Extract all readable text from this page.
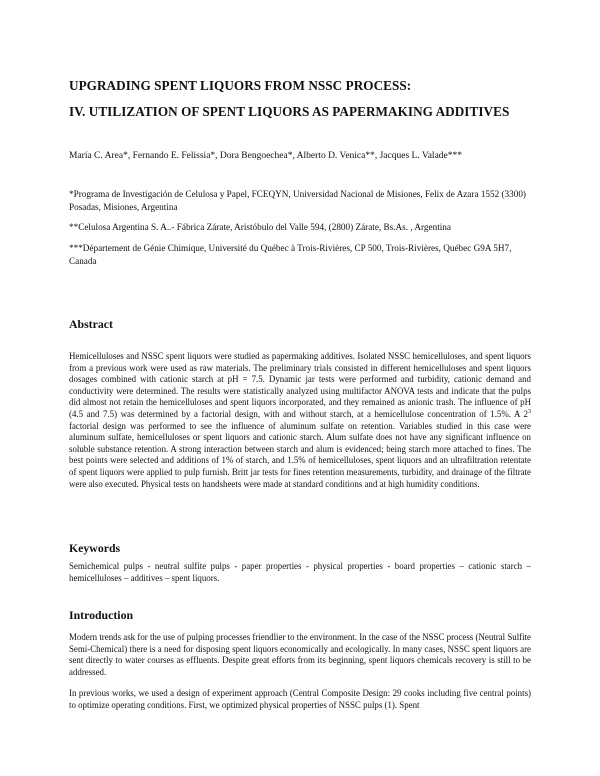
UPGRADING SPENT LIQUORS FROM NSSC PROCESS:
IV. UTILIZATION OF SPENT LIQUORS AS PAPERMAKING ADDITIVES
María C. Area*, Fernando E. Felissia*, Dora Bengoechea*, Alberto D. Venica**, Jacques L. Valade***
*Programa de Investigación de Celulosa y Papel, FCEQYN, Universidad Nacional de Misiones, Felix de Azara 1552 (3300) Posadas, Misiones, Argentina
**Celulosa Argentina S. A..- Fábrica Zárate, Aristóbulo del Valle 594, (2800) Zárate, Bs.As. , Argentina
***Département de Génie Chimique, Université du Québec à Trois-Rivières, CP 500, Trois-Rivières, Québec G9A 5H7, Canada
Abstract

Hemicelluloses and NSSC spent liquors were studied as papermaking additives. Isolated NSSC hemicelluloses, and spent liquors from a previous work were used as raw materials. The preliminary trials consisted in different hemicelluloses and spent liquors dosages combined with cationic starch at pH = 7.5. Dynamic jar tests were performed and turbidity, cationic demand and conductivity were determined. The results were statistically analyzed using multifactor ANOVA tests and indicate that the pulps did almost not retain the hemicelluloses and spent liquors incorporated, and they remained as anionic trash. The influence of pH (4.5 and 7.5) was determined by a factorial design, with and without starch, at a hemicellulose concentration of 1.5%. A $2^3$ factorial design was performed to see the influence of aluminum sulfate on retention. Variables studied in this case were aluminum sulfate, hemicelluloses or spent liquors and cationic starch. Alum sulfate does not have any significant influence on soluble substance retention. A strong interaction between starch and alum is evidenced; being starch more attached to fines. The best points were selected and additions of 1% of starch, and 1.5% of hemicelluloses, spent liquors and an ultrafiltration retentate of spent liquors were applied to pulp furnish. Britt jar tests for fines retention measurements, turbidity, and drainage of the filtrate were also executed. Physical tests on handsheets were made at standard conditions and at high humidity conditions.

Keywords

Semichemical pulps - neutral sulfite pulps - paper properties - physical properties - board properties – cationic starch – hemicelluloses – additives – spent liquors.

Introduction

Modern trends ask for the use of pulping processes friendlier to the environment. In the case of the NSSC process (Neutral Sulfite Semi-Chemical) there is a need for disposing spent liquors economically and ecologically. In many cases, NSSC spent liquors are sent directly to water courses as effluents. Despite great efforts from its beginning, spent liquors chemicals recovery is still to be addressed.

In previous works, we used a design of experiment approach (Central Composite Design: 29 cooks including five central points) to optimize operating conditions. First, we optimized physical properties of NSSC pulps (1). Spent
